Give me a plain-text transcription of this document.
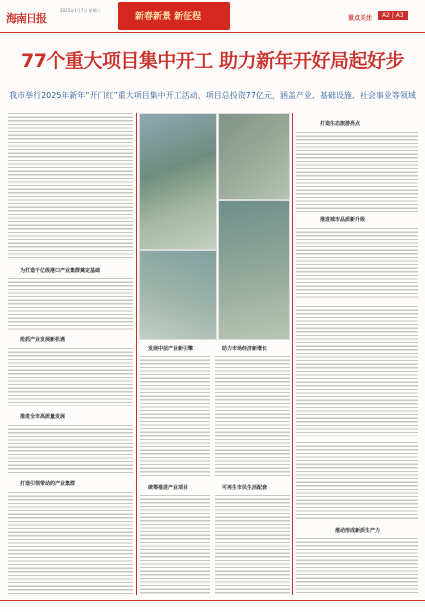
海南日报
2025年1月7日 星期二
新春新景 新征程	重点关注	A2 | A3
77个重大项目集中开工 助力新年开好局起好步
我市举行2025年新年“开门红”重大项目集中开工活动，项目总投资77亿元，涵盖产业、基础设施、社会事业等领域
为打造千亿级港口产业集群奠定基础
抢抓产业发展新机遇
推进全市高质量发展
打造引领带动的产业集群
发展中层产业新引擎
统筹推进产业项目
助力市场经济新增长
可再生市民生活配套
打造生态旅游亮点
推进城市品质新升级
推动形成新质生产力
